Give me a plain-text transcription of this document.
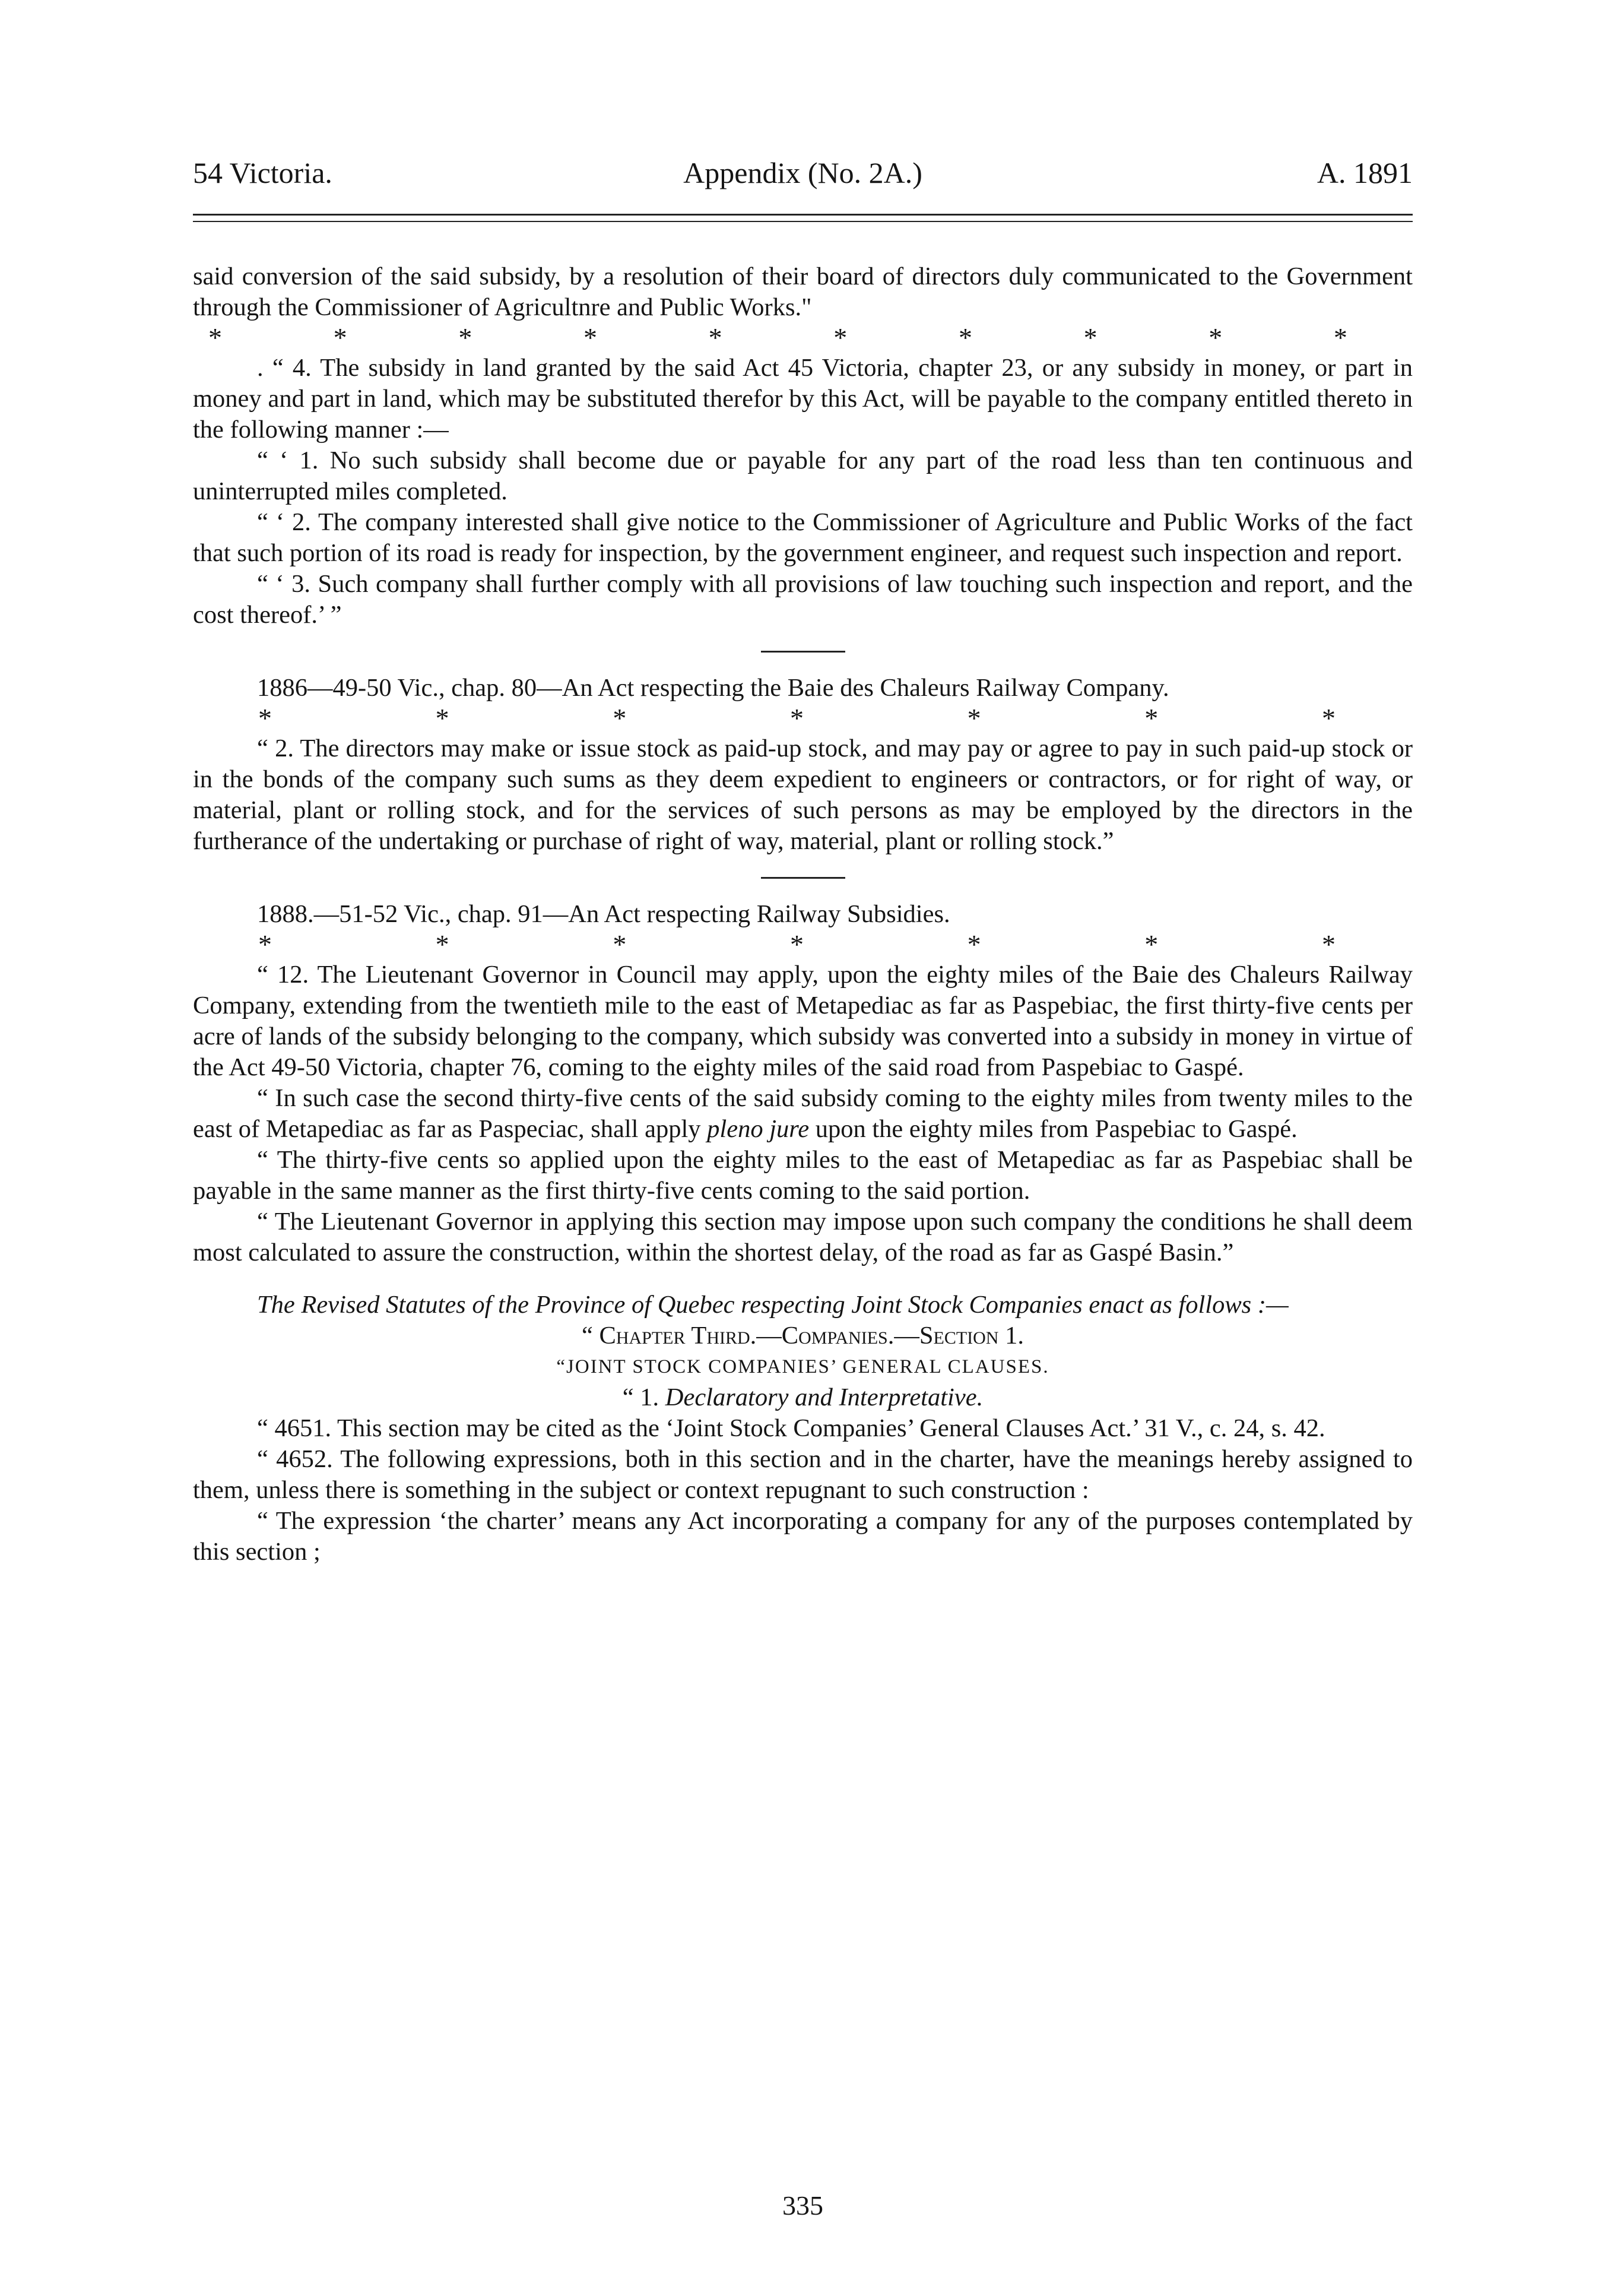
54 Victoria.	Appendix (No. 2A.)	A. 1891

said conversion of the said subsidy, by a resolution of their board of directors duly communicated to the Government through the Commissioner of Agricultnre and Public Works."

*	*	*	*	*	*	*	*	*	*

. “ 4. The subsidy in land granted by the said Act 45 Victoria, chapter 23, or any subsidy in money, or part in money and part in land, which may be substituted therefor by this Act, will be payable to the company entitled thereto in the following manner :—

“ ‘ 1. No such subsidy shall become due or payable for any part of the road less than ten continuous and uninterrupted miles completed.

“ ‘ 2. The company interested shall give notice to the Commissioner of Agriculture and Public Works of the fact that such portion of its road is ready for inspection, by the government engineer, and request such inspection and report.

“ ‘ 3. Such company shall further comply with all provisions of law touching such inspection and report, and the cost thereof.’ ”

1886—49-50 Vic., chap. 80—An Act respecting the Baie des Chaleurs Railway Company.

*	*	*	*	*	*	*

“ 2. The directors may make or issue stock as paid-up stock, and may pay or agree to pay in such paid-up stock or in the bonds of the company such sums as they deem expedient to engineers or contractors, or for right of way, or material, plant or rolling stock, and for the services of such persons as may be employed by the directors in the furtherance of the undertaking or purchase of right of way, material, plant or rolling stock.”

1888.—51-52 Vic., chap. 91—An Act respecting Railway Subsidies.

*	*	*	*	*	*	*

“ 12. The Lieutenant Governor in Council may apply, upon the eighty miles of the Baie des Chaleurs Railway Company, extending from the twentieth mile to the east of Metapediac as far as Paspebiac, the first thirty-five cents per acre of lands of the subsidy belonging to the company, which subsidy was converted into a subsidy in money in virtue of the Act 49-50 Victoria, chapter 76, coming to the eighty miles of the said road from Paspebiac to Gaspé.

“ In such case the second thirty-five cents of the said subsidy coming to the eighty miles from twenty miles to the east of Metapediac as far as Paspeciac, shall apply pleno jure upon the eighty miles from Paspebiac to Gaspé.

“ The thirty-five cents so applied upon the eighty miles to the east of Metapediac as far as Paspebiac shall be payable in the same manner as the first thirty-five cents coming to the said portion.

“ The Lieutenant Governor in applying this section may impose upon such company the conditions he shall deem most calculated to assure the construction, within the shortest delay, of the road as far as Gaspé Basin.”

The Revised Statutes of the Province of Quebec respecting Joint Stock Companies enact as follows :—

“ Chapter Third.—Companies.—Section 1.

“JOINT STOCK COMPANIES’ GENERAL CLAUSES.

“ 1. Declaratory and Interpretative.

“ 4651. This section may be cited as the ‘Joint Stock Companies’ General Clauses Act.’ 31 V., c. 24, s. 42.

“ 4652. The following expressions, both in this section and in the charter, have the meanings hereby assigned to them, unless there is something in the subject or context repugnant to such construction :

“ The expression ‘the charter’ means any Act incorporating a company for any of the purposes contemplated by this section ;

335
